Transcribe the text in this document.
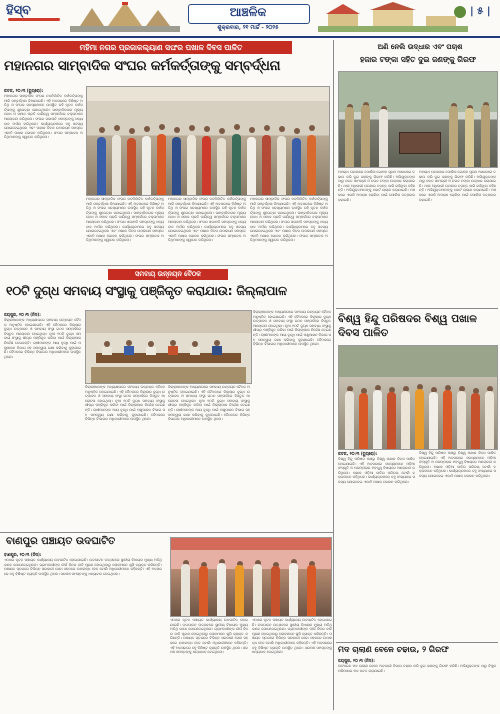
ହିସ୍‌ବ	ଆଞ୍ଚଳିକ
ଶୁକ୍ରବାର, ୨୧ ମାର୍ଚ୍ଚ - ୨୦୨୫
| ୫ |
ମହିମା ନଗର ପ୍ରଜାକଲ୍ୟାଣ ସଙ୍ଘର ପଖାଳ ଦିବସ ପାଳିତ
ମହାନଗର ସାମ୍ବାଦିକ ସଂଘର କର୍ମକର୍ତ୍ତାଙ୍କୁ ସମ୍ବର୍ଦ୍ଧନା
କଟକ, ୨୦।୩ (ବ୍ୟୁରୋ):
ମହାନଗର ସାମ୍ବାଦିକ ସଂଘର ନବନିର୍ବାଚିତ କର୍ମକର୍ତ୍ତାଙ୍କୁ ଆଜି ସମ୍ବର୍ଦ୍ଧନା ଦିଆଯାଇଛି। ଏହି ଅବସରରେ ବିଶିଷ୍ଟ ଅତିଥି ଓ ସଂଘର ସଦସ୍ୟମାନେ ଉପସ୍ଥିତ ରହି ନୂତନ କର୍ମକର୍ତ୍ତାଙ୍କୁ ଶୁଭେଚ୍ଛା ଜଣାଇଥିଲେ। ସାମ୍ବାଦିକତାର ମୂଲ୍ୟବୋଧ ଓ ସମାଜ ପ୍ରତି ଦାୟିତ୍ୱ ସମ୍ପର୍କରେ ବକ୍ତାମାନେ ଆଲୋଚନା କରିଥିଲେ। ସଂଘର ସଭାପତି ସମସ୍ତଙ୍କୁ ଧନ୍ୟବାଦ ଅର୍ପଣ କରିଥିଲେ। କାର୍ଯ୍ୟକ୍ରମରେ ବହୁ ସଦସ୍ୟ ଯୋଗଦେଇଥିଲେ ଏବଂ ପଖାଳ ଦିବସ ଉପଲକ୍ଷେ ସମସ୍ତେ ଏକାଠି ପଖାଳ ଭୋଜନ କରିଥିଲେ। ସଂଘର ସମ୍ପାଦକ ଅତିଥିମାନଙ୍କୁ ସ୍ୱାଗତ କରିଥିଲେ।
ମହାନଗର ସାମ୍ବାଦିକ ସଂଘର ନବନିର୍ବାଚିତ କର୍ମକର୍ତ୍ତାଙ୍କୁ ଆଜି ସମ୍ବର୍ଦ୍ଧନା ଦିଆଯାଇଛି। ଏହି ଅବସରରେ ବିଶିଷ୍ଟ ଅତିଥି ଓ ସଂଘର ସଦସ୍ୟମାନେ ଉପସ୍ଥିତ ରହି ନୂତନ କର୍ମକର୍ତ୍ତାଙ୍କୁ ଶୁଭେଚ୍ଛା ଜଣାଇଥିଲେ। ସାମ୍ବାଦିକତାର ମୂଲ୍ୟବୋଧ ଓ ସମାଜ ପ୍ରତି ଦାୟିତ୍ୱ ସମ୍ପର୍କରେ ବକ୍ତାମାନେ ଆଲୋଚନା କରିଥିଲେ। ସଂଘର ସଭାପତି ସମସ୍ତଙ୍କୁ ଧନ୍ୟବାଦ ଅର୍ପଣ କରିଥିଲେ। କାର୍ଯ୍ୟକ୍ରମରେ ବହୁ ସଦସ୍ୟ ଯୋଗଦେଇଥିଲେ ଏବଂ ପଖାଳ ଦିବସ ଉପଲକ୍ଷେ ସମସ୍ତେ ଏକାଠି ପଖାଳ ଭୋଜନ କରିଥିଲେ। ସଂଘର ସମ୍ପାଦକ ଅତିଥିମାନଙ୍କୁ ସ୍ୱାଗତ କରିଥିଲେ।
ମହାନଗର ସାମ୍ବାଦିକ ସଂଘର ନବନିର୍ବାଚିତ କର୍ମକର୍ତ୍ତାଙ୍କୁ ଆଜି ସମ୍ବର୍ଦ୍ଧନା ଦିଆଯାଇଛି। ଏହି ଅବସରରେ ବିଶିଷ୍ଟ ଅତିଥି ଓ ସଂଘର ସଦସ୍ୟମାନେ ଉପସ୍ଥିତ ରହି ନୂତନ କର୍ମକର୍ତ୍ତାଙ୍କୁ ଶୁଭେଚ୍ଛା ଜଣାଇଥିଲେ। ସାମ୍ବାଦିକତାର ମୂଲ୍ୟବୋଧ ଓ ସମାଜ ପ୍ରତି ଦାୟିତ୍ୱ ସମ୍ପର୍କରେ ବକ୍ତାମାନେ ଆଲୋଚନା କରିଥିଲେ। ସଂଘର ସଭାପତି ସମସ୍ତଙ୍କୁ ଧନ୍ୟବାଦ ଅର୍ପଣ କରିଥିଲେ। କାର୍ଯ୍ୟକ୍ରମରେ ବହୁ ସଦସ୍ୟ ଯୋଗଦେଇଥିଲେ ଏବଂ ପଖାଳ ଦିବସ ଉପଲକ୍ଷେ ସମସ୍ତେ ଏକାଠି ପଖାଳ ଭୋଜନ କରିଥିଲେ। ସଂଘର ସମ୍ପାଦକ ଅତିଥିମାନଙ୍କୁ ସ୍ୱାଗତ କରିଥିଲେ।
ମହାନଗର ସାମ୍ବାଦିକ ସଂଘର ନବନିର୍ବାଚିତ କର୍ମକର୍ତ୍ତାଙ୍କୁ ଆଜି ସମ୍ବର୍ଦ୍ଧନା ଦିଆଯାଇଛି। ଏହି ଅବସରରେ ବିଶିଷ୍ଟ ଅତିଥି ଓ ସଂଘର ସଦସ୍ୟମାନେ ଉପସ୍ଥିତ ରହି ନୂତନ କର୍ମକର୍ତ୍ତାଙ୍କୁ ଶୁଭେଚ୍ଛା ଜଣାଇଥିଲେ। ସାମ୍ବାଦିକତାର ମୂଲ୍ୟବୋଧ ଓ ସମାଜ ପ୍ରତି ଦାୟିତ୍ୱ ସମ୍ପର୍କରେ ବକ୍ତାମାନେ ଆଲୋଚନା କରିଥିଲେ। ସଂଘର ସଭାପତି ସମସ୍ତଙ୍କୁ ଧନ୍ୟବାଦ ଅର୍ପଣ କରିଥିଲେ। କାର୍ଯ୍ୟକ୍ରମରେ ବହୁ ସଦସ୍ୟ ଯୋଗଦେଇଥିଲେ ଏବଂ ପଖାଳ ଦିବସ ଉପଲକ୍ଷେ ସମସ୍ତେ ଏକାଠି ପଖାଳ ଭୋଜନ କରିଥିଲେ। ସଂଘର ସମ୍ପାଦକ ଅତିଥିମାନଙ୍କୁ ସ୍ୱାଗତ କରିଥିଲେ।
ଅଣି ନେଲି ଉଦ୍ଧାର ଏବଂ ପଚାଶ
ହଜାର ଟଙ୍କା ସହିତ ଦୁଇ ଜଣଙ୍କୁ ଗିରଫ
ଅପରାଧ ଘଟଣାରେ ପୋଲିସ ଗୋପନ ସୂଚନା ଆଧାରରେ ଚଢାଉ କରି ଦୁଇ ଜଣଙ୍କୁ ଗିରଫ କରିଛି। ଅଭିଯୁକ୍ତଙ୍କ ଠାରୁ ଜବତ ସାମଗ୍ରୀ ଓ ନଗଦ ଟଙ୍କା ଉଦ୍ଧାର କରାଯାଇଛି। ଥାନା ଅଧିକାରୀ ଘଟଣାର ତଦନ୍ତ ଜାରି ରଖିଥିବା କହିଛନ୍ତି। ଅଭିଯୁକ୍ତମାନଙ୍କୁ କୋର୍ଟ ଚାଲାଣ କରାଯାଇଛି। ଅଞ୍ଚଳରେ ଏଭଳି ଅପରାଧ ରୋକିବା ପାଇଁ ପୋଲିସ ତତ୍ପରତା ବଢାଇଛି।
ଅପରାଧ ଘଟଣାରେ ପୋଲିସ ଗୋପନ ସୂଚନା ଆଧାରରେ ଚଢାଉ କରି ଦୁଇ ଜଣଙ୍କୁ ଗିରଫ କରିଛି। ଅଭିଯୁକ୍ତଙ୍କ ଠାରୁ ଜବତ ସାମଗ୍ରୀ ଓ ନଗଦ ଟଙ୍କା ଉଦ୍ଧାର କରାଯାଇଛି। ଥାନା ଅଧିକାରୀ ଘଟଣାର ତଦନ୍ତ ଜାରି ରଖିଥିବା କହିଛନ୍ତି। ଅଭିଯୁକ୍ତମାନଙ୍କୁ କୋର୍ଟ ଚାଲାଣ କରାଯାଇଛି। ଅଞ୍ଚଳରେ ଏଭଳି ଅପରାଧ ରୋକିବା ପାଇଁ ପୋଲିସ ତତ୍ପରତା ବଢାଇଛି।
ସମବାୟ ଉନ୍ନୟନ ବୈଠକ
୧୦ଟି ଦୁଗ୍ଧ ସମବାୟ ସଂସ୍ଥାକୁ ପଞ୍ଜିକୃତ କରାଯାଉ: ଜିଲ୍ଲାପାଳ
ଜୟପୁର, ୨୦।୩ (ନିସ):
ଜିଲ୍ଲାପାଳଙ୍କ ଅଧ୍ୟକ୍ଷତାରେ ସମବାୟ ଉନ୍ନୟନ ବୈଠକ ଅନୁଷ୍ଠିତ ହୋଇଯାଇଛି। ଏହି ବୈଠକରେ ଜିଲ୍ଲାର ଦୁଗ୍ଧ ଉତ୍ପାଦନ ଓ ସମବାୟ ସଂସ୍ଥା ଗଠନ ସମ୍ପର୍କରେ ବିସ୍ତୃତ ଆଲୋଚନା ହୋଇଥିଲା। ନୂଆ ୧୦ଟି ଦୁଗ୍ଧ ସମବାୟ ସଂସ୍ଥାକୁ ଶୀଘ୍ର ପଞ୍ଜିକୃତ କରିବା ପାଇଁ ଜିଲ୍ଲାପାଳ ନିର୍ଦ୍ଦେଶ ଦେଇଛନ୍ତି। ଚାଷୀମାନଙ୍କ ଆୟ ବୃଦ୍ଧି ପାଇଁ ପଶୁପାଳନ ବିଭାଗ ସହ ସମନ୍ୱୟ ରକ୍ଷା କରିବାକୁ କୁହାଯାଇଛି। ବୈଠକରେ ବିଭିନ୍ନ ବିଭାଗର ଅଧିକାରୀମାନେ ଉପସ୍ଥିତ ଥିଲେ।
ଜିଲ୍ଲାପାଳଙ୍କ ଅଧ୍ୟକ୍ଷତାରେ ସମବାୟ ଉନ୍ନୟନ ବୈଠକ ଅନୁଷ୍ଠିତ ହୋଇଯାଇଛି। ଏହି ବୈଠକରେ ଜିଲ୍ଲାର ଦୁଗ୍ଧ ଉତ୍ପାଦନ ଓ ସମବାୟ ସଂସ୍ଥା ଗଠନ ସମ୍ପର୍କରେ ବିସ୍ତୃତ ଆଲୋଚନା ହୋଇଥିଲା। ନୂଆ ୧୦ଟି ଦୁଗ୍ଧ ସମବାୟ ସଂସ୍ଥାକୁ ଶୀଘ୍ର ପଞ୍ଜିକୃତ କରିବା ପାଇଁ ଜିଲ୍ଲାପାଳ ନିର୍ଦ୍ଦେଶ ଦେଇଛନ୍ତି। ଚାଷୀମାନଙ୍କ ଆୟ ବୃଦ୍ଧି ପାଇଁ ପଶୁପାଳନ ବିଭାଗ ସହ ସମନ୍ୱୟ ରକ୍ଷା କରିବାକୁ କୁହାଯାଇଛି। ବୈଠକରେ ବିଭିନ୍ନ ବିଭାଗର ଅଧିକାରୀମାନେ ଉପସ୍ଥିତ ଥିଲେ।
ଜିଲ୍ଲାପାଳଙ୍କ ଅଧ୍ୟକ୍ଷତାରେ ସମବାୟ ଉନ୍ନୟନ ବୈଠକ ଅନୁଷ୍ଠିତ ହୋଇଯାଇଛି। ଏହି ବୈଠକରେ ଜିଲ୍ଲାର ଦୁଗ୍ଧ ଉତ୍ପାଦନ ଓ ସମବାୟ ସଂସ୍ଥା ଗଠନ ସମ୍ପର୍କରେ ବିସ୍ତୃତ ଆଲୋଚନା ହୋଇଥିଲା। ନୂଆ ୧୦ଟି ଦୁଗ୍ଧ ସମବାୟ ସଂସ୍ଥାକୁ ଶୀଘ୍ର ପଞ୍ଜିକୃତ କରିବା ପାଇଁ ଜିଲ୍ଲାପାଳ ନିର୍ଦ୍ଦେଶ ଦେଇଛନ୍ତି। ଚାଷୀମାନଙ୍କ ଆୟ ବୃଦ୍ଧି ପାଇଁ ପଶୁପାଳନ ବିଭାଗ ସହ ସମନ୍ୱୟ ରକ୍ଷା କରିବାକୁ କୁହାଯାଇଛି। ବୈଠକରେ ବିଭିନ୍ନ ବିଭାଗର ଅଧିକାରୀମାନେ ଉପସ୍ଥିତ ଥିଲେ।
ଜିଲ୍ଲାପାଳଙ୍କ ଅଧ୍ୟକ୍ଷତାରେ ସମବାୟ ଉନ୍ନୟନ ବୈଠକ ଅନୁଷ୍ଠିତ ହୋଇଯାଇଛି। ଏହି ବୈଠକରେ ଜିଲ୍ଲାର ଦୁଗ୍ଧ ଉତ୍ପାଦନ ଓ ସମବାୟ ସଂସ୍ଥା ଗଠନ ସମ୍ପର୍କରେ ବିସ୍ତୃତ ଆଲୋଚନା ହୋଇଥିଲା। ନୂଆ ୧୦ଟି ଦୁଗ୍ଧ ସମବାୟ ସଂସ୍ଥାକୁ ଶୀଘ୍ର ପଞ୍ଜିକୃତ କରିବା ପାଇଁ ଜିଲ୍ଲାପାଳ ନିର୍ଦ୍ଦେଶ ଦେଇଛନ୍ତି। ଚାଷୀମାନଙ୍କ ଆୟ ବୃଦ୍ଧି ପାଇଁ ପଶୁପାଳନ ବିଭାଗ ସହ ସମନ୍ୱୟ ରକ୍ଷା କରିବାକୁ କୁହାଯାଇଛି। ବୈଠକରେ ବିଭିନ୍ନ ବିଭାଗର ଅଧିକାରୀମାନେ ଉପସ୍ଥିତ ଥିଲେ।
ବିଶ୍ୱ ହିନ୍ଦୁ ପରିଷଦର ବିଶ୍ୱ ପଖାଳ ଦିବସ ପାଳିତ
କଟକ, ୨୦।୩ (ବ୍ୟୁରୋ):
ବିଶ୍ୱ ହିନ୍ଦୁ ପରିଷଦ ପକ୍ଷରୁ ବିଶ୍ୱ ପଖାଳ ଦିବସ ପାଳିତ ହୋଇଯାଇଛି। ଏହି ଅବସରରେ ସଦସ୍ୟମାନେ ଓଡ଼ିଆ ସଂସ୍କୃତି ଓ ପରମ୍ପରାର ମହତ୍ତ୍ୱ ବିଷୟରେ ଆଲୋଚନା କରିଥିଲେ। ପଖାଳ ଓଡ଼ିଆ ଜାତିର ପରିଚୟ ବୋଲି ବକ୍ତାମାନେ କହିଥିଲେ। କାର୍ଯ୍ୟକ୍ରମରେ ବହୁ ସଂଖ୍ୟାରେ ସଦସ୍ୟ ଯୋଗଦେଇ ଏକାଠି ପଖାଳ ଭୋଜନ କରିଥିଲେ।
ବିଶ୍ୱ ହିନ୍ଦୁ ପରିଷଦ ପକ୍ଷରୁ ବିଶ୍ୱ ପଖାଳ ଦିବସ ପାଳିତ ହୋଇଯାଇଛି। ଏହି ଅବସରରେ ସଦସ୍ୟମାନେ ଓଡ଼ିଆ ସଂସ୍କୃତି ଓ ପରମ୍ପରାର ମହତ୍ତ୍ୱ ବିଷୟରେ ଆଲୋଚନା କରିଥିଲେ। ପଖାଳ ଓଡ଼ିଆ ଜାତିର ପରିଚୟ ବୋଲି ବକ୍ତାମାନେ କହିଥିଲେ। କାର୍ଯ୍ୟକ୍ରମରେ ବହୁ ସଂଖ୍ୟାରେ ସଦସ୍ୟ ଯୋଗଦେଇ ଏକାଠି ପଖାଳ ଭୋଜନ କରିଥିଲେ।
ବାଣପୁର ପଞ୍ଚାୟତ ଉଦଘାଟିତ
ବାଣପୁର, ୨୦।୩ (ନିସ):
ଏଠାରେ ନୂତନ ପଞ୍ଚାୟତ କାର୍ଯ୍ୟାଳୟ ଉଦଘାଟିତ ହୋଇଯାଇଛି। ଉଦଘାଟନ ଉତ୍ସବରେ ସ୍ଥାନୀୟ ବିଧାୟକ ମୁଖ୍ୟ ଅତିଥି ଭାବେ ଯୋଗଦେଇଥିଲେ। ଗ୍ରାମବାସୀଙ୍କ ଦୀର୍ଘ ଦିନର ଦାବି ପୂରଣ ହୋଇଥିବାରୁ ଲୋକମାନେ ଖୁସି ବ୍ୟକ୍ତ କରିଛନ୍ତି। ପଞ୍ଚାୟତ ସ୍ତରରେ ବିଭିନ୍ନ ସରକାରୀ ସେବା ସହଜରେ ଉପଲବ୍ଧ ହେବ ବୋଲି ଅଧିକାରୀମାନେ କହିଛନ୍ତି। ଏହି ଅବସରରେ ବହୁ ବିଶିଷ୍ଟ ବ୍ୟକ୍ତି ଉପସ୍ଥିତ ଥିଲେ। ସରପଞ୍ଚ ସମସ୍ତଙ୍କୁ ଧନ୍ୟବାଦ ଦେଇଥିଲେ।
ଏଠାରେ ନୂତନ ପଞ୍ଚାୟତ କାର୍ଯ୍ୟାଳୟ ଉଦଘାଟିତ ହୋଇଯାଇଛି। ଉଦଘାଟନ ଉତ୍ସବରେ ସ୍ଥାନୀୟ ବିଧାୟକ ମୁଖ୍ୟ ଅତିଥି ଭାବେ ଯୋଗଦେଇଥିଲେ। ଗ୍ରାମବାସୀଙ୍କ ଦୀର୍ଘ ଦିନର ଦାବି ପୂରଣ ହୋଇଥିବାରୁ ଲୋକମାନେ ଖୁସି ବ୍ୟକ୍ତ କରିଛନ୍ତି। ପଞ୍ଚାୟତ ସ୍ତରରେ ବିଭିନ୍ନ ସରକାରୀ ସେବା ସହଜରେ ଉପଲବ୍ଧ ହେବ ବୋଲି ଅଧିକାରୀମାନେ କହିଛନ୍ତି। ଏହି ଅବସରରେ ବହୁ ବିଶିଷ୍ଟ ବ୍ୟକ୍ତି ଉପସ୍ଥିତ ଥିଲେ। ସରପଞ୍ଚ ସମସ୍ତଙ୍କୁ ଧନ୍ୟବାଦ ଦେଇଥିଲେ।
ଏଠାରେ ନୂତନ ପଞ୍ଚାୟତ କାର୍ଯ୍ୟାଳୟ ଉଦଘାଟିତ ହୋଇଯାଇଛି। ଉଦଘାଟନ ଉତ୍ସବରେ ସ୍ଥାନୀୟ ବିଧାୟକ ମୁଖ୍ୟ ଅତିଥି ଭାବେ ଯୋଗଦେଇଥିଲେ। ଗ୍ରାମବାସୀଙ୍କ ଦୀର୍ଘ ଦିନର ଦାବି ପୂରଣ ହୋଇଥିବାରୁ ଲୋକମାନେ ଖୁସି ବ୍ୟକ୍ତ କରିଛନ୍ତି। ପଞ୍ଚାୟତ ସ୍ତରରେ ବିଭିନ୍ନ ସରକାରୀ ସେବା ସହଜରେ ଉପଲବ୍ଧ ହେବ ବୋଲି ଅଧିକାରୀମାନେ କହିଛନ୍ତି। ଏହି ଅବସରରେ ବହୁ ବିଶିଷ୍ଟ ବ୍ୟକ୍ତି ଉପସ୍ଥିତ ଥିଲେ। ସରପଞ୍ଚ ସମସ୍ତଙ୍କୁ ଧନ୍ୟବାଦ ଦେଇଥିଲେ।	ମଦ ଚାଲାଣ ବେଳେ ଚଢାଉ, ୨ ଗିରଫ
ଜୟପୁର, ୨୦।୩ (ନିସ):
ବେଆଇନ ମଦ ଚାଲାଣ ବେଳେ ଅବକାରୀ ବିଭାଗ ଚଢାଉ କରି ଦୁଇ ଜଣଙ୍କୁ ଗିରଫ କରିଛି। ଅଭିଯୁକ୍ତଙ୍କ ଠାରୁ ବିପୁଳ ପରିମାଣର ମଦ ଜବତ କରାଯାଇଛି।
